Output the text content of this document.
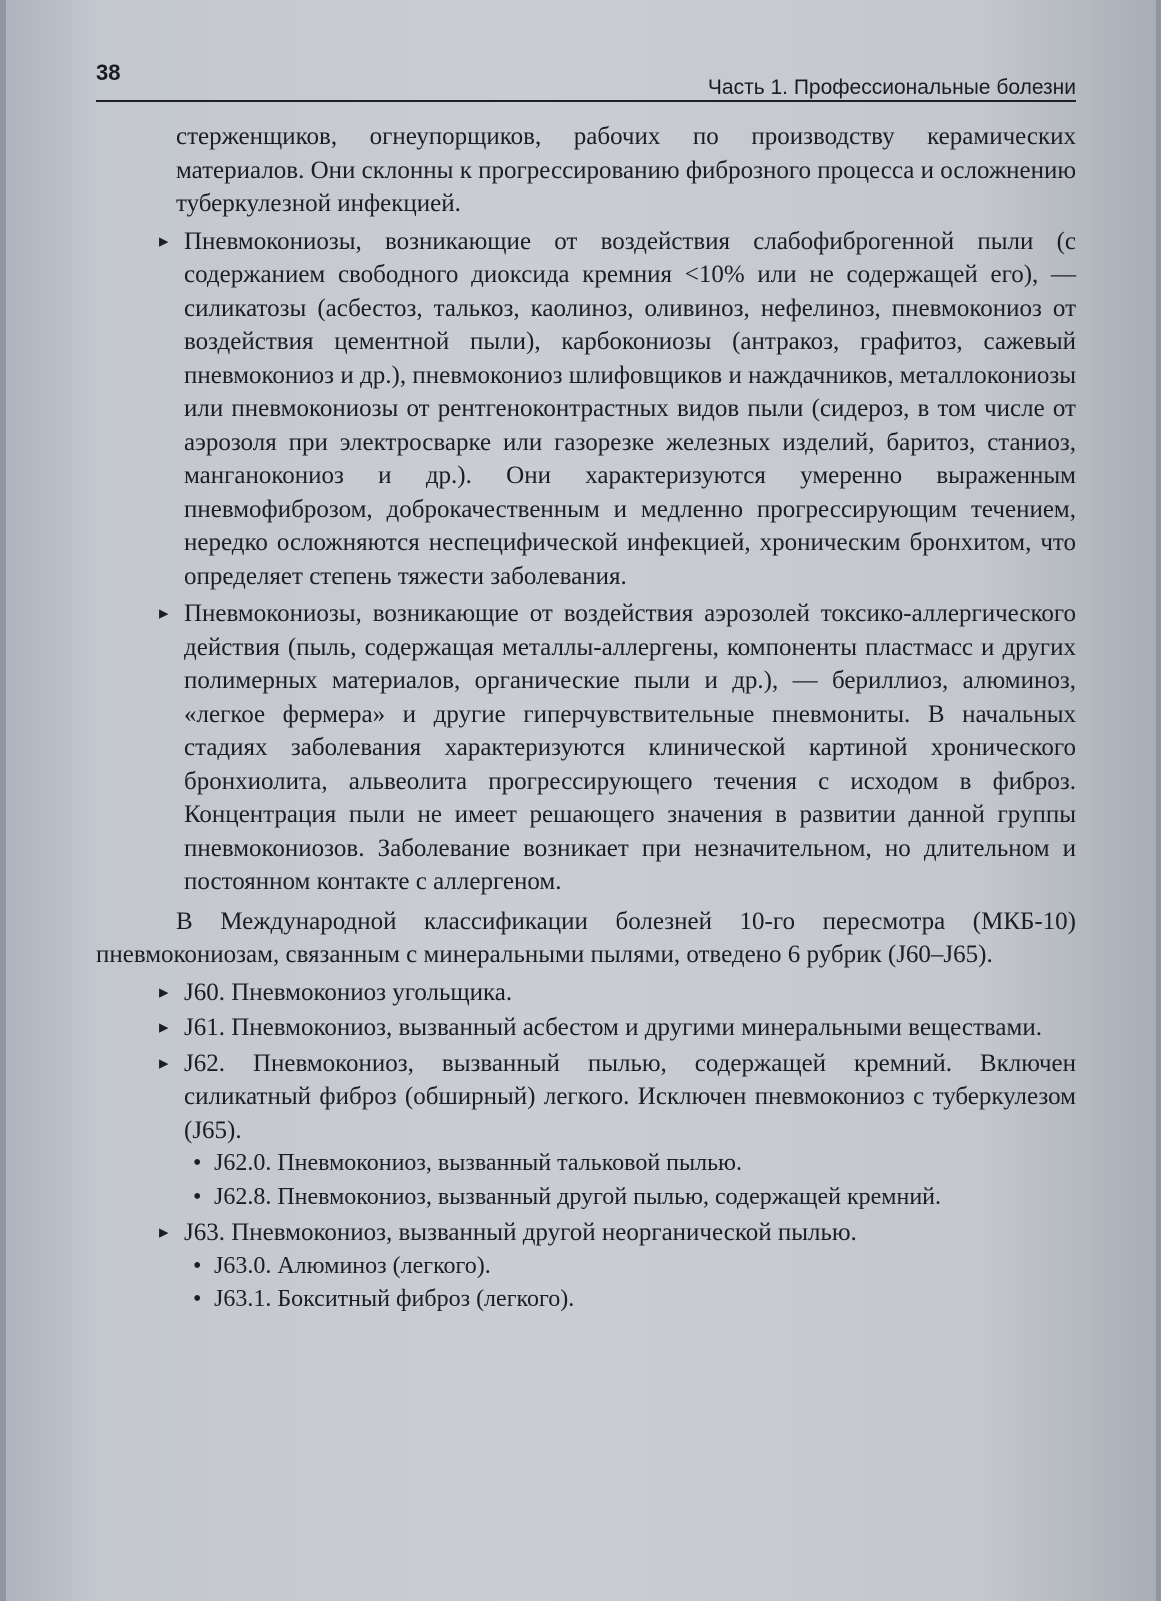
38
Часть 1. Профессиональные болезни

стерженщиков, огнеупорщиков, рабочих по производству керамических материалов. Они склонны к прогрессированию фиброзного процесса и осложнению туберкулезной инфекцией.

▸ Пневмокониозы, возникающие от воздействия слабофиброгенной пыли (с содержанием свободного диоксида кремния <10% или не содержащей его), — силикатозы (асбестоз, талькоз, каолиноз, оливиноз, нефелиноз, пневмокониоз от воздействия цементной пыли), карбокониозы (антракоз, графитоз, сажевый пневмокониоз и др.), пневмокониоз шлифовщиков и наждачников, металлокониозы или пневмокониозы от рентгеноконтрастных видов пыли (сидероз, в том числе от аэрозоля при электросварке или газорезке железных изделий, баритоз, станиоз, манганокониоз и др.). Они характеризуются умеренно выраженным пневмофиброзом, доброкачественным и медленно прогрессирующим течением, нередко осложняются неспецифической инфекцией, хроническим бронхитом, что определяет степень тяжести заболевания.

▸ Пневмокониозы, возникающие от воздействия аэрозолей токсико-аллергического действия (пыль, содержащая металлы-аллергены, компоненты пластмасс и других полимерных материалов, органические пыли и др.), — бериллиоз, алюминоз, «легкое фермера» и другие гиперчувствительные пневмониты. В начальных стадиях заболевания характеризуются клинической картиной хронического бронхиолита, альвеолита прогрессирующего течения с исходом в фиброз. Концентрация пыли не имеет решающего значения в развитии данной группы пневмокониозов. Заболевание возникает при незначительном, но длительном и постоянном контакте с аллергеном.

В Международной классификации болезней 10-го пересмотра (МКБ-10) пневмокониозам, связанным с минеральными пылями, отведено 6 рубрик (J60–J65).

▸ J60. Пневмокониоз угольщика.

▸ J61. Пневмокониоз, вызванный асбестом и другими минеральными веществами.

▸ J62. Пневмокониоз, вызванный пылью, содержащей кремний. Включен силикатный фиброз (обширный) легкого. Исключен пневмокониоз с туберкулезом (J65).

• J62.0. Пневмокониоз, вызванный тальковой пылью.

• J62.8. Пневмокониоз, вызванный другой пылью, содержащей кремний.

▸ J63. Пневмокониоз, вызванный другой неорганической пылью.

• J63.0. Алюминоз (легкого).

• J63.1. Бокситный фиброз (легкого).
